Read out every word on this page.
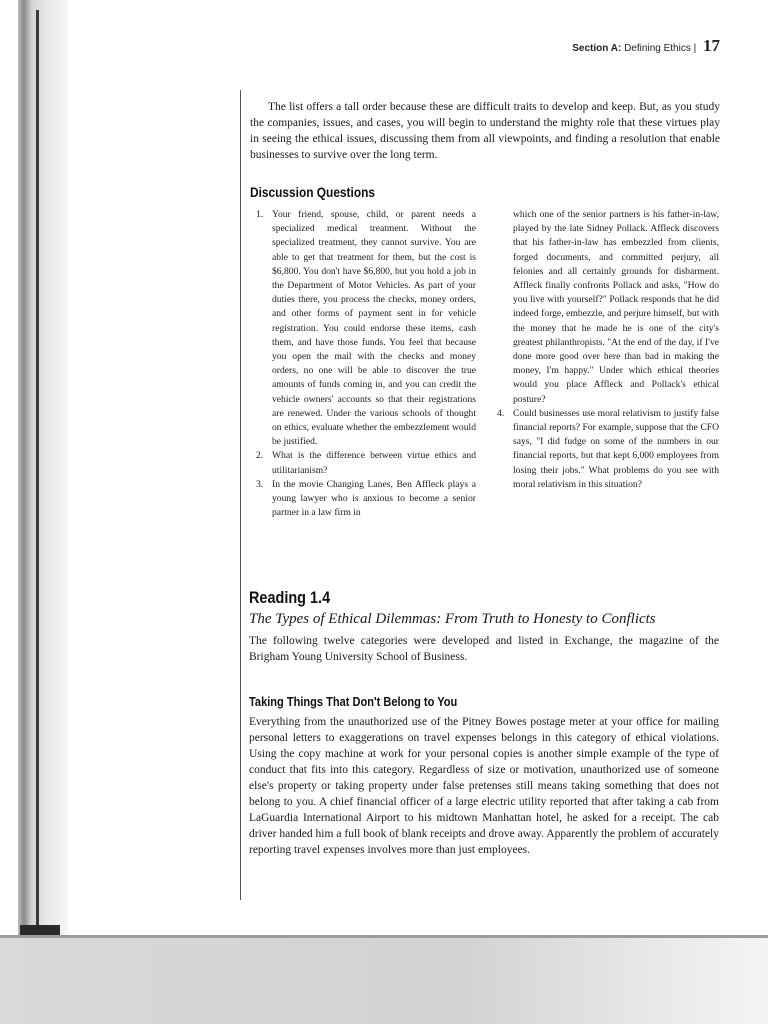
Section A: Defining Ethics | 17

The list offers a tall order because these are difficult traits to develop and keep. But, as you study the companies, issues, and cases, you will begin to understand the mighty role that these virtues play in seeing the ethical issues, discussing them from all viewpoints, and finding a resolution that enable businesses to survive over the long term.

Discussion Questions
1. Your friend, spouse, child, or parent needs a specialized medical treatment. Without the specialized treatment, they cannot survive. You are able to get that treatment for them, but the cost is $6,800. You don't have $6,800, but you hold a job in the Department of Motor Vehicles. As part of your duties there, you process the checks, money orders, and other forms of payment sent in for vehicle registration. You could endorse these items, cash them, and have those funds. You feel that because you open the mail with the checks and money orders, no one will be able to discover the true amounts of funds coming in, and you can credit the vehicle owners' accounts so that their registrations are renewed. Under the various schools of thought on ethics, evaluate whether the embezzlement would be justified.
2. What is the difference between virtue ethics and utilitarianism?
3. In the movie Changing Lanes, Ben Affleck plays a young lawyer who is anxious to become a senior partner in a law firm in
which one of the senior partners is his father-in-law, played by the late Sidney Pollack. Affleck discovers that his father-in-law has embezzled from clients, forged documents, and committed perjury, all felonies and all certainly grounds for disbarment. Affleck finally confronts Pollack and asks, "How do you live with yourself?" Pollack responds that he did indeed forge, embezzle, and perjure himself, but with the money that he made he is one of the city's greatest philanthropists. "At the end of the day, if I've done more good over here than bad in making the money, I'm happy." Under which ethical theories would you place Affleck and Pollack's ethical posture?
4. Could businesses use moral relativism to justify false financial reports? For example, suppose that the CFO says, "I did fudge on some of the numbers in our financial reports, but that kept 6,000 employees from losing their jobs." What problems do you see with moral relativism in this situation?
Reading 1.4
The Types of Ethical Dilemmas: From Truth to Honesty to Conflicts

The following twelve categories were developed and listed in Exchange, the magazine of the Brigham Young University School of Business.

Taking Things That Don't Belong to You

Everything from the unauthorized use of the Pitney Bowes postage meter at your office for mailing personal letters to exaggerations on travel expenses belongs in this category of ethical violations. Using the copy machine at work for your personal copies is another simple example of the type of conduct that fits into this category. Regardless of size or motivation, unauthorized use of someone else's property or taking property under false pretenses still means taking something that does not belong to you. A chief financial officer of a large electric utility reported that after taking a cab from LaGuardia International Airport to his midtown Manhattan hotel, he asked for a receipt. The cab driver handed him a full book of blank receipts and drove away. Apparently the problem of accurately reporting travel expenses involves more than just employees.
